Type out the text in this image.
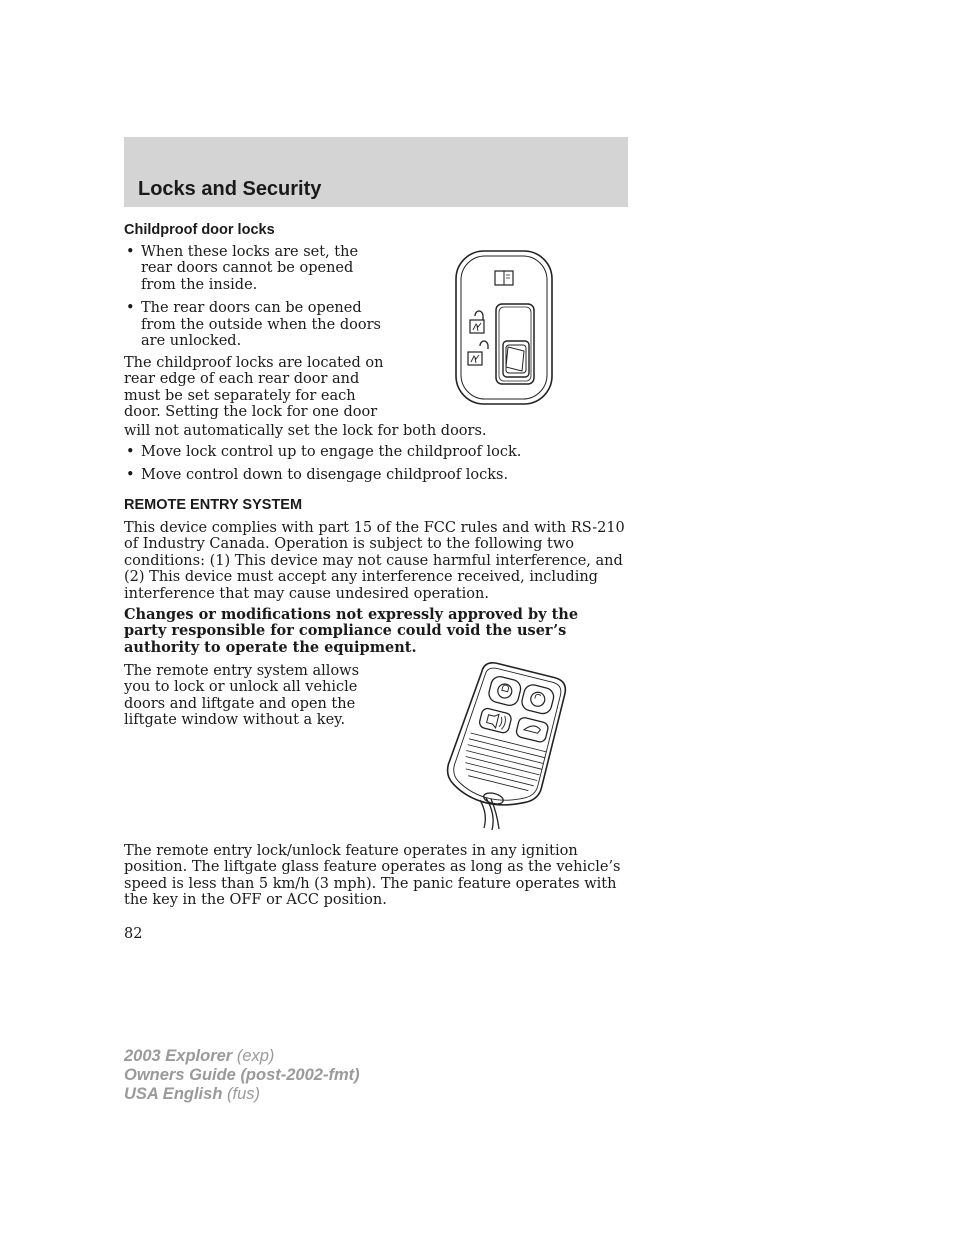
Locks and Security
Childproof door locks
• When these locks are set, the rear doors cannot be opened from the inside.
• The rear doors can be opened from the outside when the doors are unlocked.
The childproof locks are located on
rear edge of each rear door and
must be set separately for each
door. Setting the lock for one door
will not automatically set the lock for both doors.
• Move lock control up to engage the childproof lock.
• Move control down to disengage childproof locks.
REMOTE ENTRY SYSTEM

This device complies with part 15 of the FCC rules and with RS-210 of Industry Canada. Operation is subject to the following two conditions: (1) This device may not cause harmful interference, and (2) This device must accept any interference received, including interference that may cause undesired operation.

Changes or modifications not expressly approved by the party responsible for compliance could void the user’s authority to operate the equipment.

The remote entry system allows you to lock or unlock all vehicle doors and liftgate and open the liftgate window without a key.

The remote entry lock/unlock feature operates in any ignition position. The liftgate glass feature operates as long as the vehicle’s speed is less than 5 km/h (3 mph). The panic feature operates with the key in the OFF or ACC position.

82
2003 Explorer (exp)
Owners Guide (post-2002-fmt)
USA English (fus)
